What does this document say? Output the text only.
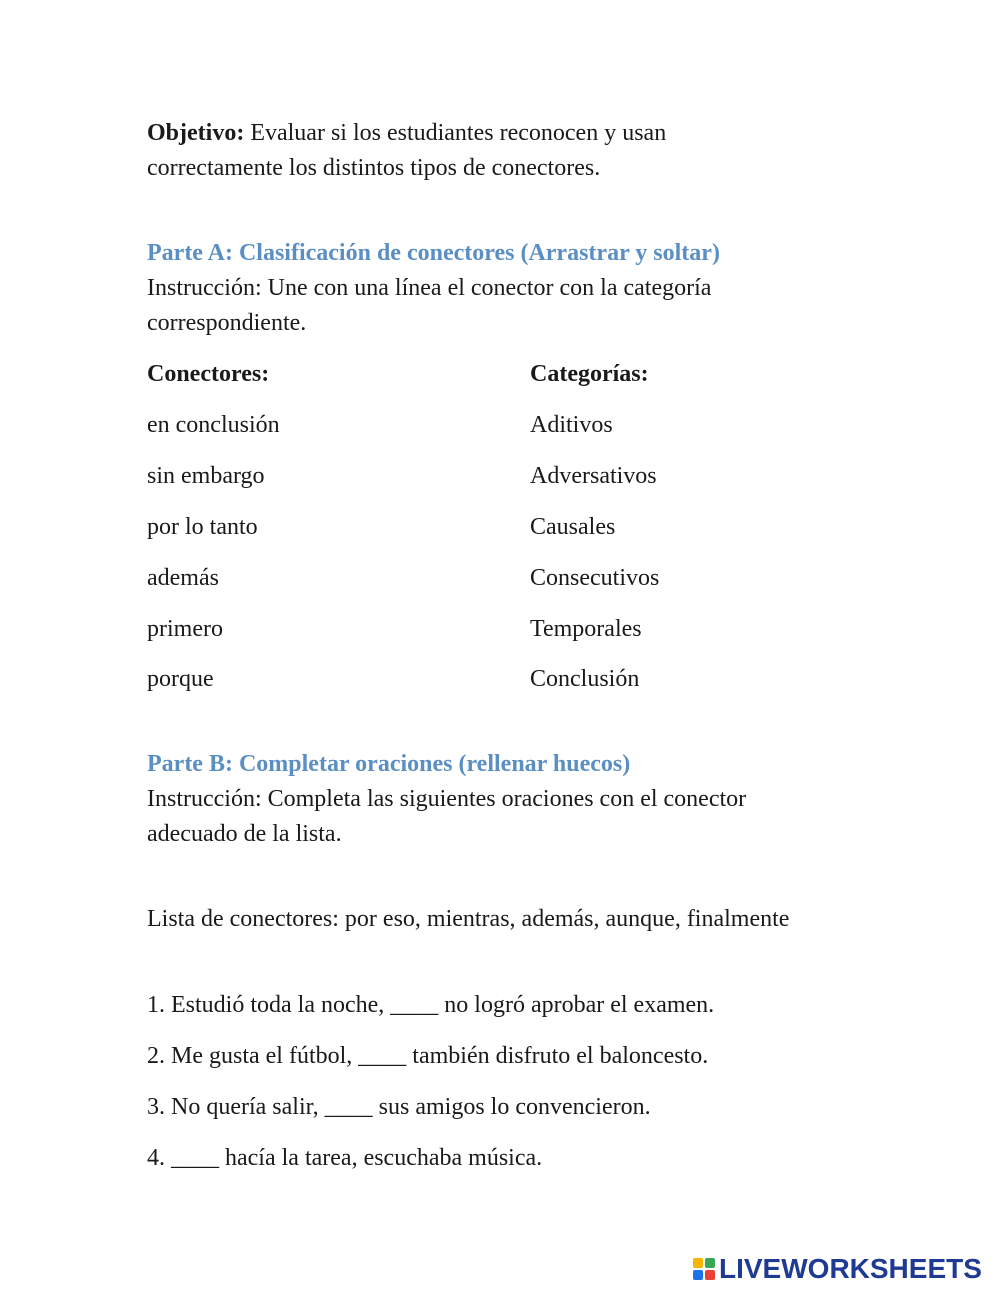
Objetivo: Evaluar si los estudiantes reconocen y usan
correctamente los distintos tipos de conectores.
Parte A: Clasificación de conectores (Arrastrar y soltar)
Instrucción: Une con una línea el conector con la categoría
correspondiente.
Conectores:	Categorías:
en conclusión	Aditivos
sin embargo	Adversativos
por lo tanto	Causales
además	Consecutivos
primero	Temporales
porque	Conclusión
Parte B: Completar oraciones (rellenar huecos)
Instrucción: Completa las siguientes oraciones con el conector
adecuado de la lista.
Lista de conectores: por eso, mientras, además, aunque, finalmente
1. Estudió toda la noche, ____ no logró aprobar el examen.
2. Me gusta el fútbol, ____ también disfruto el baloncesto.
3. No quería salir, ____ sus amigos lo convencieron.
4. ____ hacía la tarea, escuchaba música.
LIVEWORKSHEETS
